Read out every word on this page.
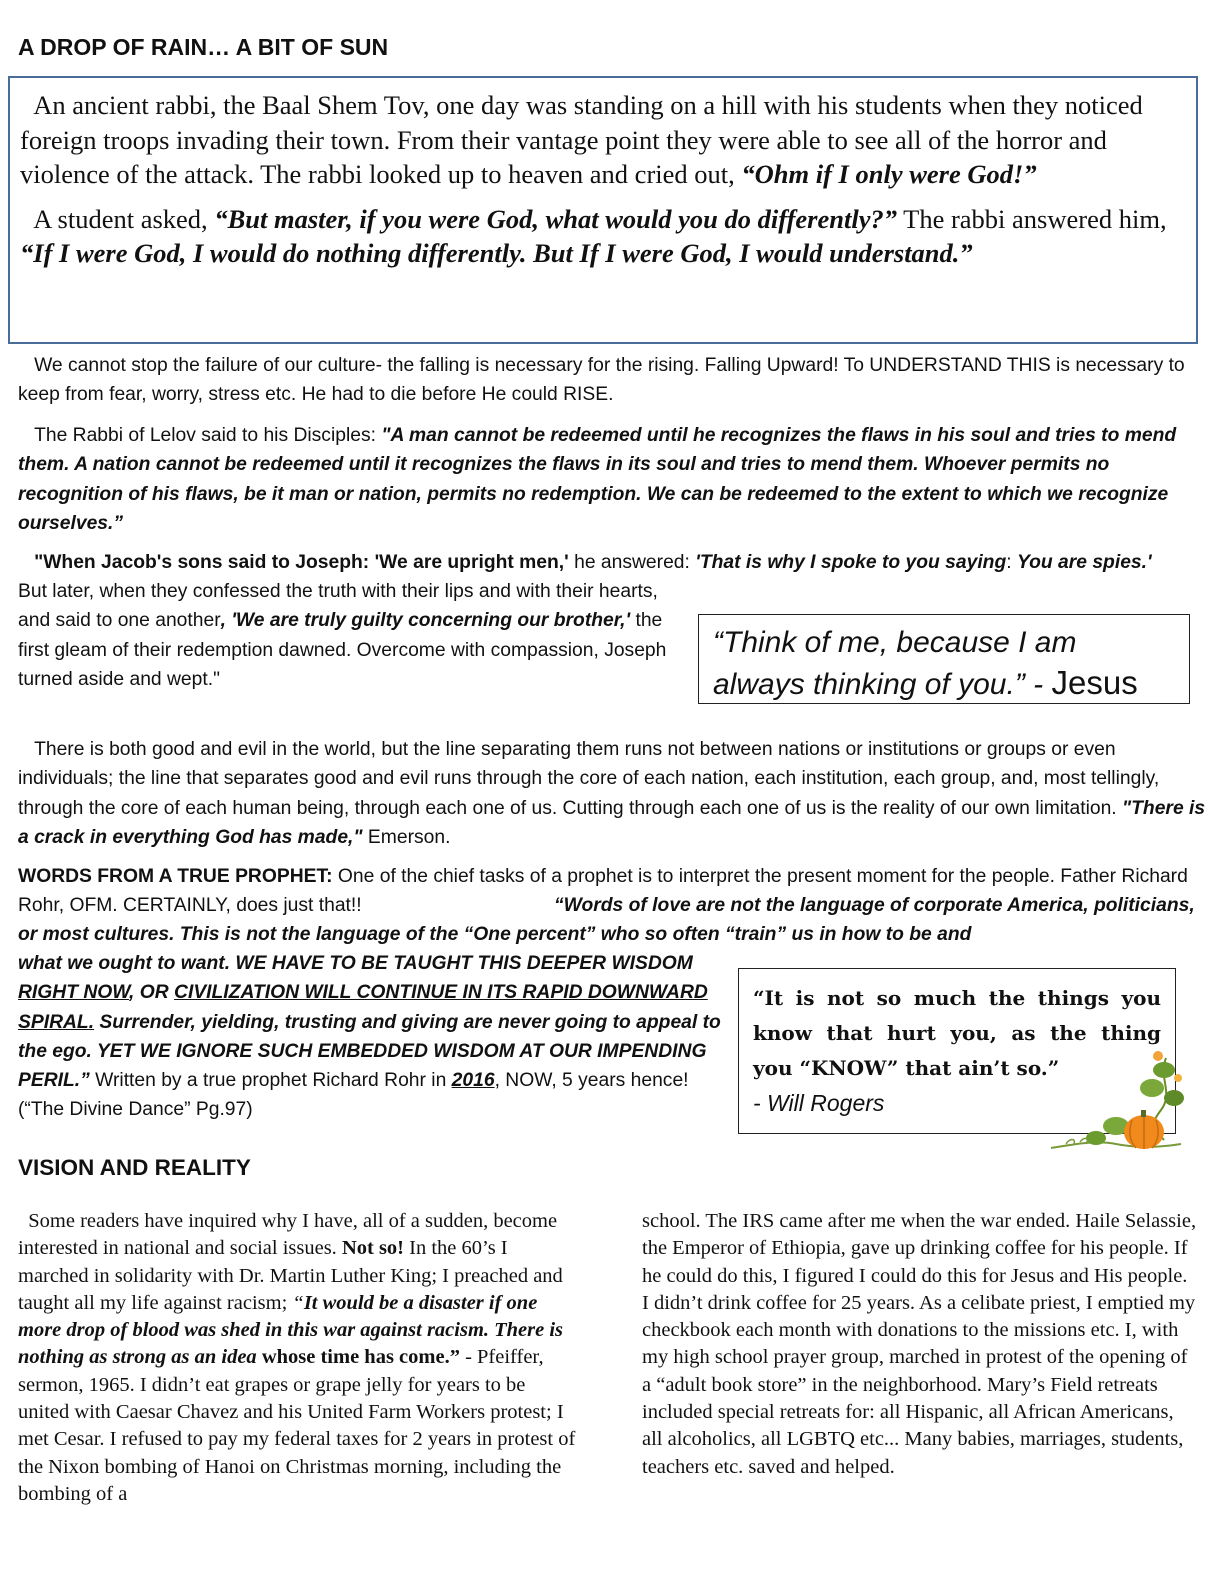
A DROP OF RAIN… A BIT OF SUN

An ancient rabbi, the Baal Shem Tov, one day was standing on a hill with his students when they noticed foreign troops invading their town. From their vantage point they were able to see all of the horror and violence of the attack. The rabbi looked up to heaven and cried out, “Ohm if I only were God!”

A student asked, “But master, if you were God, what would you do differently?” The rabbi answered him, “If I were God, I would do nothing differently. But If I were God, I would understand.”

We cannot stop the failure of our culture- the falling is necessary for the rising. Falling Upward! To UNDERSTAND THIS is necessary to keep from fear, worry, stress etc. He had to die before He could RISE.

The Rabbi of Lelov said to his Disciples: "A man cannot be redeemed until he recognizes the flaws in his soul and tries to mend them. A nation cannot be redeemed until it recognizes the flaws in its soul and tries to mend them. Whoever permits no recognition of his flaws, be it man or nation, permits no redemption. We can be redeemed to the extent to which we recognize ourselves.”

"When Jacob's sons said to Joseph: 'We are upright men,' he answered: 'That is why I spoke to you saying: You are spies.'

But later, when they confessed the truth with their lips and with their hearts, and said to one another, 'We are truly guilty concerning our brother,' the first gleam of their redemption dawned. Overcome with compassion, Joseph turned aside and wept."

“Think of me, because I am always thinking of you.” - Jesus

There is both good and evil in the world, but the line separating them runs not between nations or institutions or groups or even individuals; the line that separates good and evil runs through the core of each nation, each institution, each group, and, most tellingly, through the core of each human being, through each one of us. Cutting through each one of us is the reality of our own limitation. "There is a crack in everything God has made," Emerson.

WORDS FROM A TRUE PROPHET: One of the chief tasks of a prophet is to interpret the present moment for the people. Father Richard Rohr, OFM. CERTAINLY, does just that!!	“Words of love are not the language of corporate America, politicians, or most cultures. This is not the language of the “One percent” who so often “train” us in how to be and

what we ought to want. WE HAVE TO BE TAUGHT THIS DEEPER WISDOM RIGHT NOW, OR CIVILIZATION WILL CONTINUE IN ITS RAPID DOWNWARD SPIRAL. Surrender, yielding, trusting and giving are never going to appeal to the ego. YET WE IGNORE SUCH EMBEDDED WISDOM AT OUR IMPENDING PERIL.” Written by a true prophet Richard Rohr in 2016, NOW, 5 years hence! (“The Divine Dance” Pg.97)

“It is not so much the things you know that hurt you, as the thing you “KNOW” that ain’t so.”
- Will Rogers
VISION AND REALITY

Some readers have inquired why I have, all of a sudden, become interested in national and social issues. Not so! In the 60’s I marched in solidarity with Dr. Martin Luther King; I preached and taught all my life against racism; “It would be a disaster if one more drop of blood was shed in this war against racism. There is nothing as strong as an idea whose time has come.” - Pfeiffer, sermon, 1965. I didn’t eat grapes or grape jelly for years to be united with Caesar Chavez and his United Farm Workers protest; I met Cesar. I refused to pay my federal taxes for 2 years in protest of the Nixon bombing of Hanoi on Christmas morning, including the bombing of a

school. The IRS came after me when the war ended. Haile Selassie, the Emperor of Ethiopia, gave up drinking coffee for his people. If he could do this, I figured I could do this for Jesus and His people. I didn’t drink coffee for 25 years. As a celibate priest, I emptied my checkbook each month with donations to the missions etc. I, with my high school prayer group, marched in protest of the opening of a “adult book store” in the neighborhood. Mary’s Field retreats included special retreats for: all Hispanic, all African Americans, all alcoholics, all LGBTQ etc... Many babies, marriages, students, teachers etc. saved and helped.
